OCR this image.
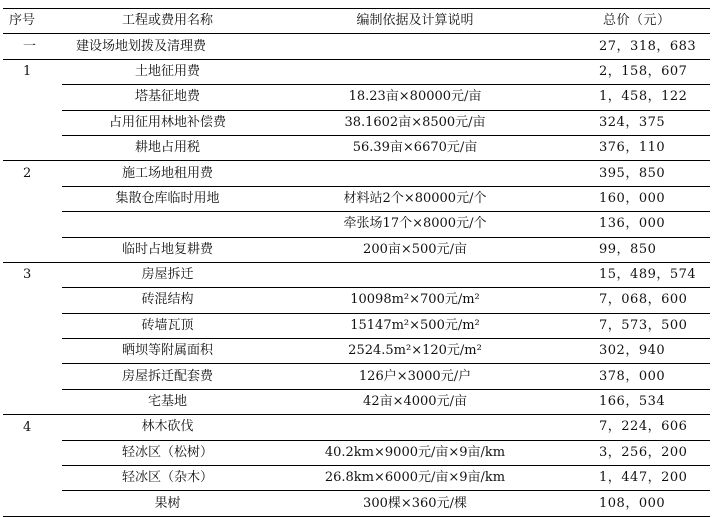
序号	工程或费用名称	编制依据及计算说明	总价（元）
一	建设场地划拨及清理费		27，318，683
1	土地征用费		2，158，607
	塔基征地费	18.23亩×80000元/亩	1，458，122
	占用征用林地补偿费	38.1602亩×8500元/亩	324，375
	耕地占用税	56.39亩×6670元/亩	376，110
2	施工场地租用费		395，850
	集散仓库临时用地	材料站2个×80000元/个	160，000
		牵张场17个×8000元/个	136，000
	临时占地复耕费	200亩×500元/亩	99，850
3	房屋拆迁		15，489，574
	砖混结构	10098m²×700元/m²	7，068，600
	砖墙瓦顶	15147m²×500元/m²	7，573，500
	晒坝等附属面积	2524.5m²×120元/m²	302，940
	房屋拆迁配套费	126户×3000元/户	378，000
	宅基地	42亩×4000元/亩	166，534
4	林木砍伐		7，224，606
	轻冰区（松树）	40.2km×9000元/亩×9亩/km	3，256，200
	轻冰区（杂木）	26.8km×6000元/亩×9亩/km	1，447，200
	果树	300棵×360元/棵	108，000
